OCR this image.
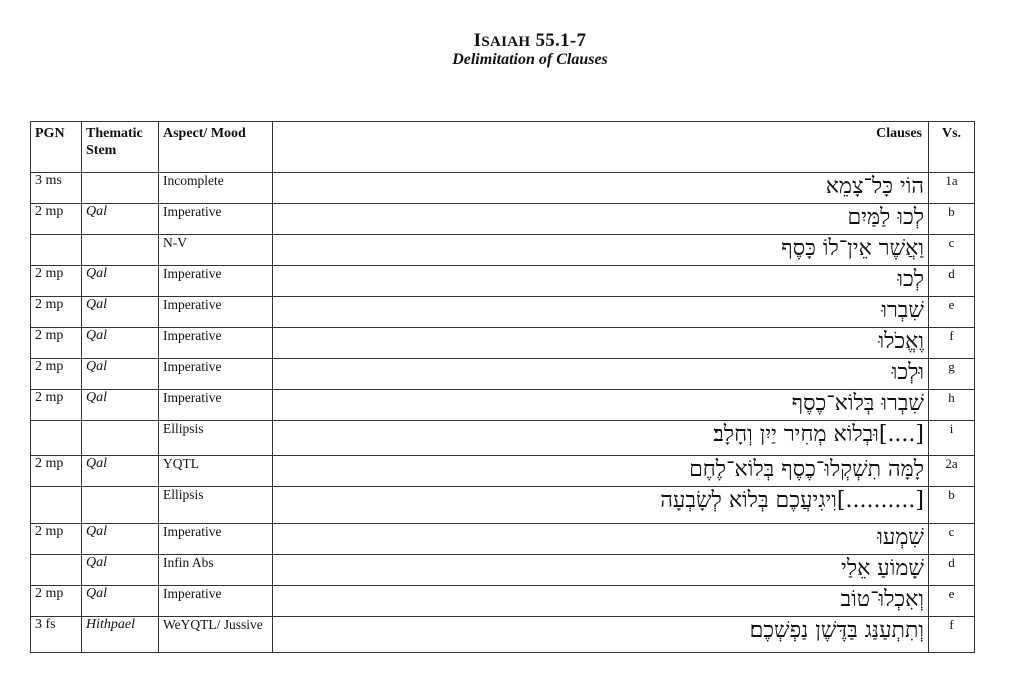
ISAIAH 55.1-7
Delimitation of Clauses
PGN	Thematic Stem	Aspect/ Mood	Clauses	Vs.
3 ms		Incomplete	הוֹי כָּל־צָמֵא	1a
2 mp	Qal	Imperative	לְכוּ לַמַּיִם	b
		N-V	וַאֲשֶׁר אֵין־לוֹ כָּסֶף	c
2 mp	Qal	Imperative	לְכוּ	d
2 mp	Qal	Imperative	שִׁבְרוּ	e
2 mp	Qal	Imperative	וֶאֱכֹלוּ	f
2 mp	Qal	Imperative	וּלְכוּ	g
2 mp	Qal	Imperative	שִׁבְרוּ בְּלוֹא־כֶסֶף	h
		Ellipsis	[....]וּבְלוֹא מְחִיר יַיִן וְחָלָב׃	i
2 mp	Qal	YQTL	לָמָּה תִשְׁקְלוּ־כֶסֶף בְּלוֹא־לֶחֶם	2a
		Ellipsis	[..........]וִיגִיעֲכֶם בְּלוֹא לְשָׂבְעָה	b
2 mp	Qal	Imperative	שִׁמְעוּ	c
	Qal	Infin Abs	שָׁמוֹעַ אֵלַי	d
2 mp	Qal	Imperative	וְאִכְלוּ־טוֹב	e
3 fs	Hithpael	WeYQTL/ Jussive	וְתִתְעַנַּג בַּדֶּשֶׁן נַפְשְׁכֶם׃	f
